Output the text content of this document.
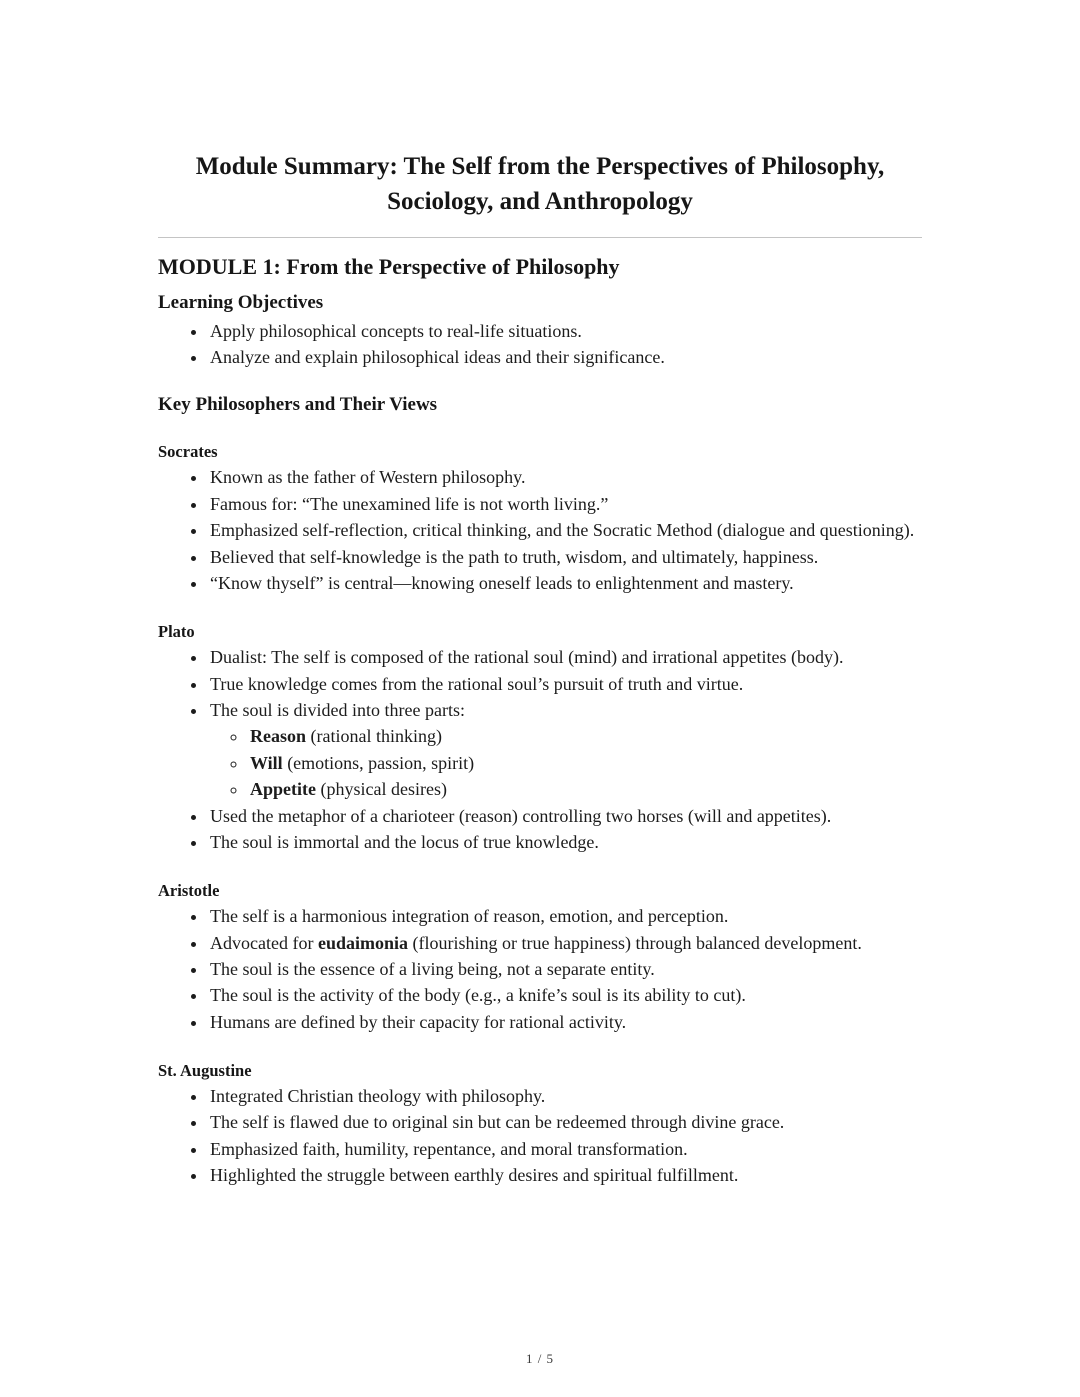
Module Summary: The Self from the Perspectives of Philosophy, Sociology, and Anthropology
MODULE 1: From the Perspective of Philosophy
Learning Objectives
• Apply philosophical concepts to real-life situations.
• Analyze and explain philosophical ideas and their significance.
Key Philosophers and Their Views
Socrates
• Known as the father of Western philosophy.
• Famous for: “The unexamined life is not worth living.”
• Emphasized self-reflection, critical thinking, and the Socratic Method (dialogue and questioning).
• Believed that self-knowledge is the path to truth, wisdom, and ultimately, happiness.
• “Know thyself” is central—knowing oneself leads to enlightenment and mastery.
Plato
• Dualist: The self is composed of the rational soul (mind) and irrational appetites (body).
• True knowledge comes from the rational soul’s pursuit of truth and virtue.
• The soul is divided into three parts:
◦ Reason (rational thinking)
◦ Will (emotions, passion, spirit)
◦ Appetite (physical desires)
• Used the metaphor of a charioteer (reason) controlling two horses (will and appetites).
• The soul is immortal and the locus of true knowledge.
Aristotle
• The self is a harmonious integration of reason, emotion, and perception.
• Advocated for eudaimonia (flourishing or true happiness) through balanced development.
• The soul is the essence of a living being, not a separate entity.
• The soul is the activity of the body (e.g., a knife’s soul is its ability to cut).
• Humans are defined by their capacity for rational activity.
St. Augustine
• Integrated Christian theology with philosophy.
• The self is flawed due to original sin but can be redeemed through divine grace.
• Emphasized faith, humility, repentance, and moral transformation.
• Highlighted the struggle between earthly desires and spiritual fulfillment.
1 / 5
